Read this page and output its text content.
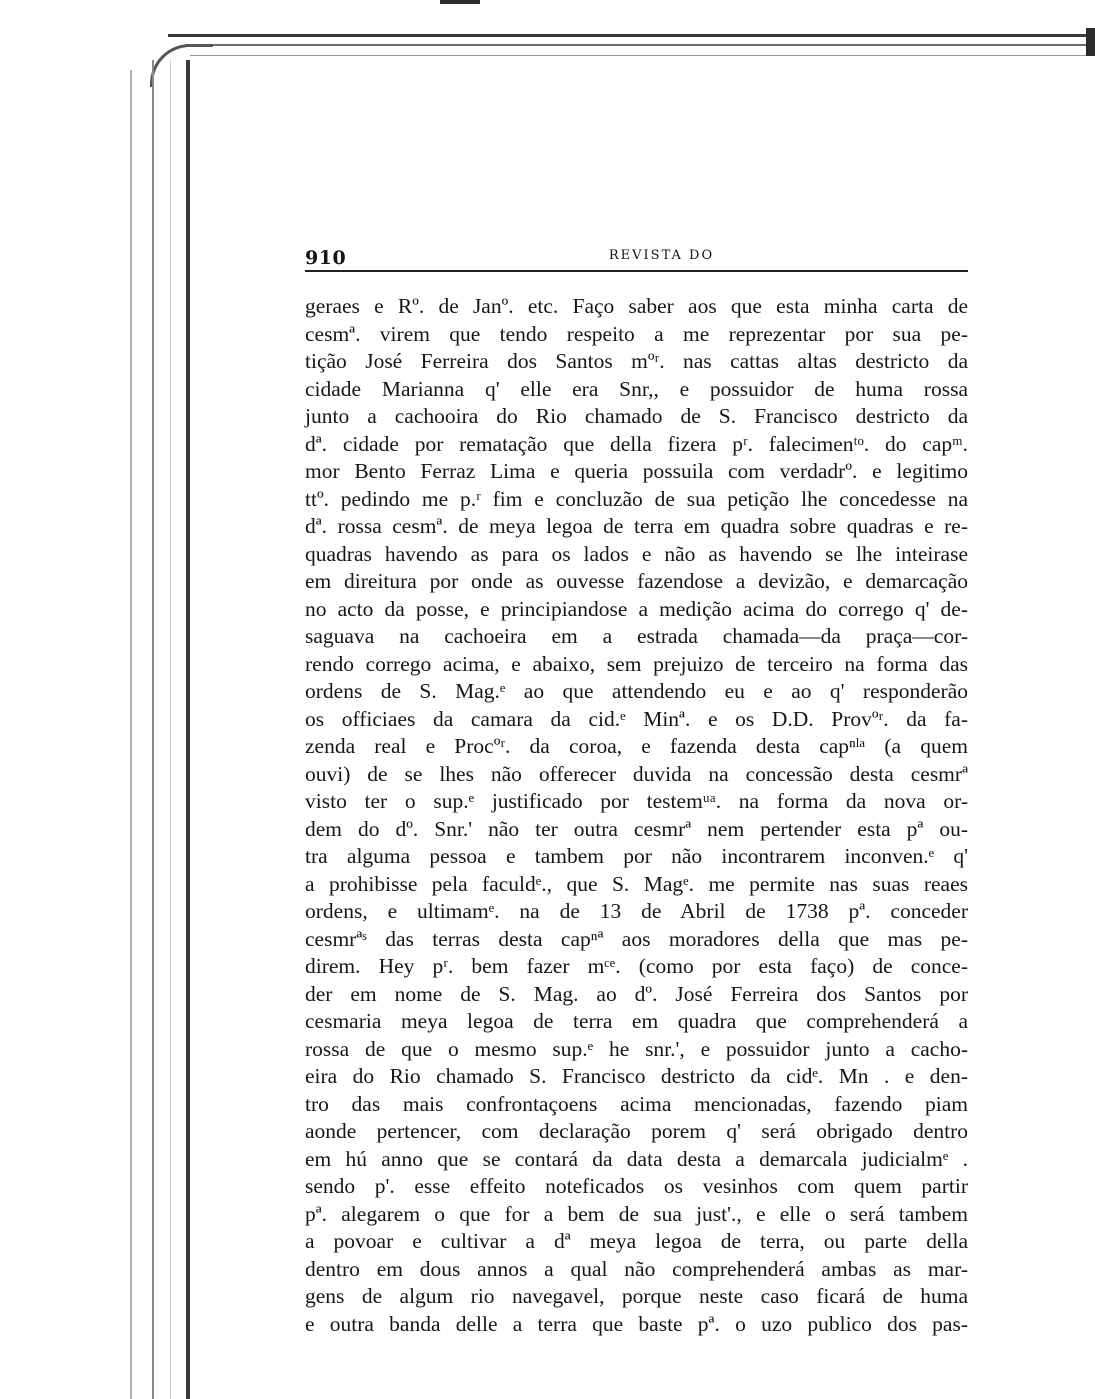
910	REVISTA DO
geraes e Rº. de Janº. etc. Faço saber aos que esta minha carta de
cesmª. virem que tendo respeito a me reprezentar por sua pe-
tição José Ferreira dos Santos mºʳ. nas cattas altas destricto da
cidade Marianna q' elle era Snr,, e possuidor de huma rossa
junto a cachooira do Rio chamado de S. Francisco destricto da
dª. cidade por rematação que della fizera pʳ. falecimenᵗᵒ. do capᵐ.
mor Bento Ferraz Lima e queria possuila com verdadrº. e legitimo
ttº. pedindo me p.ʳ fim e concluzão de sua petição lhe concedesse na
dª. rossa cesmª. de meya legoa de terra em quadra sobre quadras e re-
quadras havendo as para os lados e não as havendo se lhe inteirase
em direitura por onde as ouvesse fazendose a devizão, e demarcação
no acto da posse, e principiandose a medição acima do corrego q' de-
saguava na cachoeira em a estrada chamada—da praça—cor-
rendo corrego acima, e abaixo, sem prejuizo de terceiro na forma das
ordens de S. Mag.ᵉ ao que attendendo eu e ao q' responderão
os officiaes da camara da cid.ᵉ Minª. e os D.D. Provºʳ. da fa-
zenda real e Procºʳ. da coroa, e fazenda desta capⁿˡᵃ (a quem
ouvi) de se lhes não offerecer duvida na concessão desta cesmrª
visto ter o sup.ᵉ justificado por testemᵘᵃ. na forma da nova or-
dem do dº. Snr.' não ter outra cesmrª nem pertender esta pª ou-
tra alguma pessoa e tambem por não incontrarem inconven.ᵉ q'
a prohibisse pela faculdᵉ., que S. Magᵉ. me permite nas suas reaes
ordens, e ultimamᵉ. na de 13 de Abril de 1738 pª. conceder
cesmrªˢ das terras desta capⁿª aos moradores della que mas pe-
direm. Hey pʳ. bem fazer mᶜᵉ. (como por esta faço) de conce-
der em nome de S. Mag. ao dº. José Ferreira dos Santos por
cesmaria meya legoa de terra em quadra que comprehenderá a
rossa de que o mesmo sup.ᵉ he snr.', e possuidor junto a cacho-
eira do Rio chamado S. Francisco destricto da cidᵉ. Mn . e den-
tro das mais confrontaçoens acima mencionadas, fazendo piam
aonde pertencer, com declaração porem q' será obrigado dentro
em hú anno que se contará da data desta a demarcala judicialmᵉ .
sendo p'. esse effeito noteficados os vesinhos com quem partir
pª. alegarem o que for a bem de sua just'., e elle o será tambem
a povoar e cultivar a dª meya legoa de terra, ou parte della
dentro em dous annos a qual não comprehenderá ambas as mar-
gens de algum rio navegavel, porque neste caso ficará de huma
e outra banda delle a terra que baste pª. o uzo publico dos pas-
